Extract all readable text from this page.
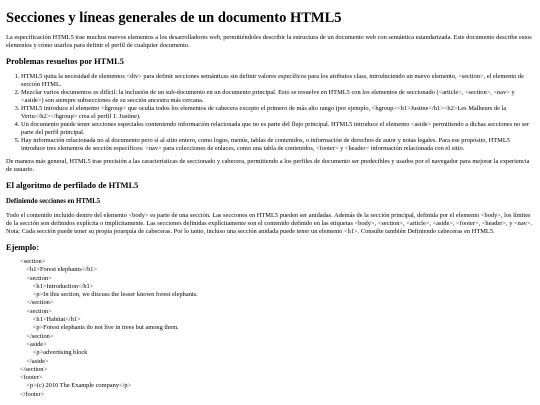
Secciones y líneas generales de un documento HTML5

La especificación HTML5 trae muchos nuevos elementos a los desarrolladores web, permitiéndoles describir la estructura de un documento web con semántica estandarizada. Este documento describe estos elementos y cómo usarlos para definir el perfil de cualquier documento.

Problemas resueltos por HTML5
1. HTML5 quita la necesidad de elementos <div> para definir secciones semánticas sin definir valores específicos para los atributos class, introduciendo un nuevo elemento, <section>, el elemento de sección HTML.
2. Mezclar varios documentos es difícil: la inclusión de un sub-documento en un documento principal. Esto se resuelve en HTML5 con los elementos de seccionado (<article>, <section>, <nav> y <aside>) son siempre subsecciones de su sección ancestra más cercana.
3. HTML5 introduce el elemento <hgroup> que oculta todos los elementos de cabecera excepto el primero de más alto rango (por ejemplo, <hgroup><h1>Justine</h1><h2>Les Malheurs de la Vertu</h2></hgroup> crea el perfil 1. Justine).
4. Un documento puede tener secciones especiales conteniendo información relacionada que no es parte del flujo principal. HTML5 introduce el elemento <aside> permitiendo a dichas secciones no ser parte del perfil principal.
5. Hay información relacionada no al documento pero sí al sitio entero, como logos, menús, tablas de contenidos, o información de derechos de autor y notas legales. Para ese propósito, HTML5 introduce tres elementos de sección específicos: <nav> para colecciones de enlaces, como una tabla de contenidos, <footer> y <header> información relacionada con el sitio.

De manera más general, HTML5 trae precisión a las características de seccionado y cabecera, permitiendo a los perfiles de documento ser predecibles y usados por el navegador para mejorar la experiencia de usuario.

El algoritmo de perfilado de HTML5
Definiendo secciones en HTML5

Todo el contenido incluido dentro del elemento <body> es parte de una sección. Las secciones en HTML5 pueden ser anidadas. Además de la sección principal, definida por el elemento <body>, los límites de la sección son definidos explícita o implícitamente. Las secciones definidas explícitamente son el contenido definido en las etiquetas <body>, <section>, <article>, <aside>, <footer>, <header>, y <nav>. Nota: Cada sección puede tener su propia jerarquía de cabeceras. Por lo tanto, incluso una sección anidada puede tener un elemento <h1>. Consulte también Definiendo cabeceras en HTML5.

Ejemplo:
<section>
<h1>Forest elephants</h1>
<section>
<h1>Introduction</h1>
<p>In this section, we discuss the lesser known forest elephants.
</section>
<section>
<h1>Habitat</h1>
<p>Forest elephants do not live in trees but among them.
</section>
<aside>
<p>advertising block
</aside>
</section>
<footer>
<p>(c) 2010 The Example company</p>
</footer>
